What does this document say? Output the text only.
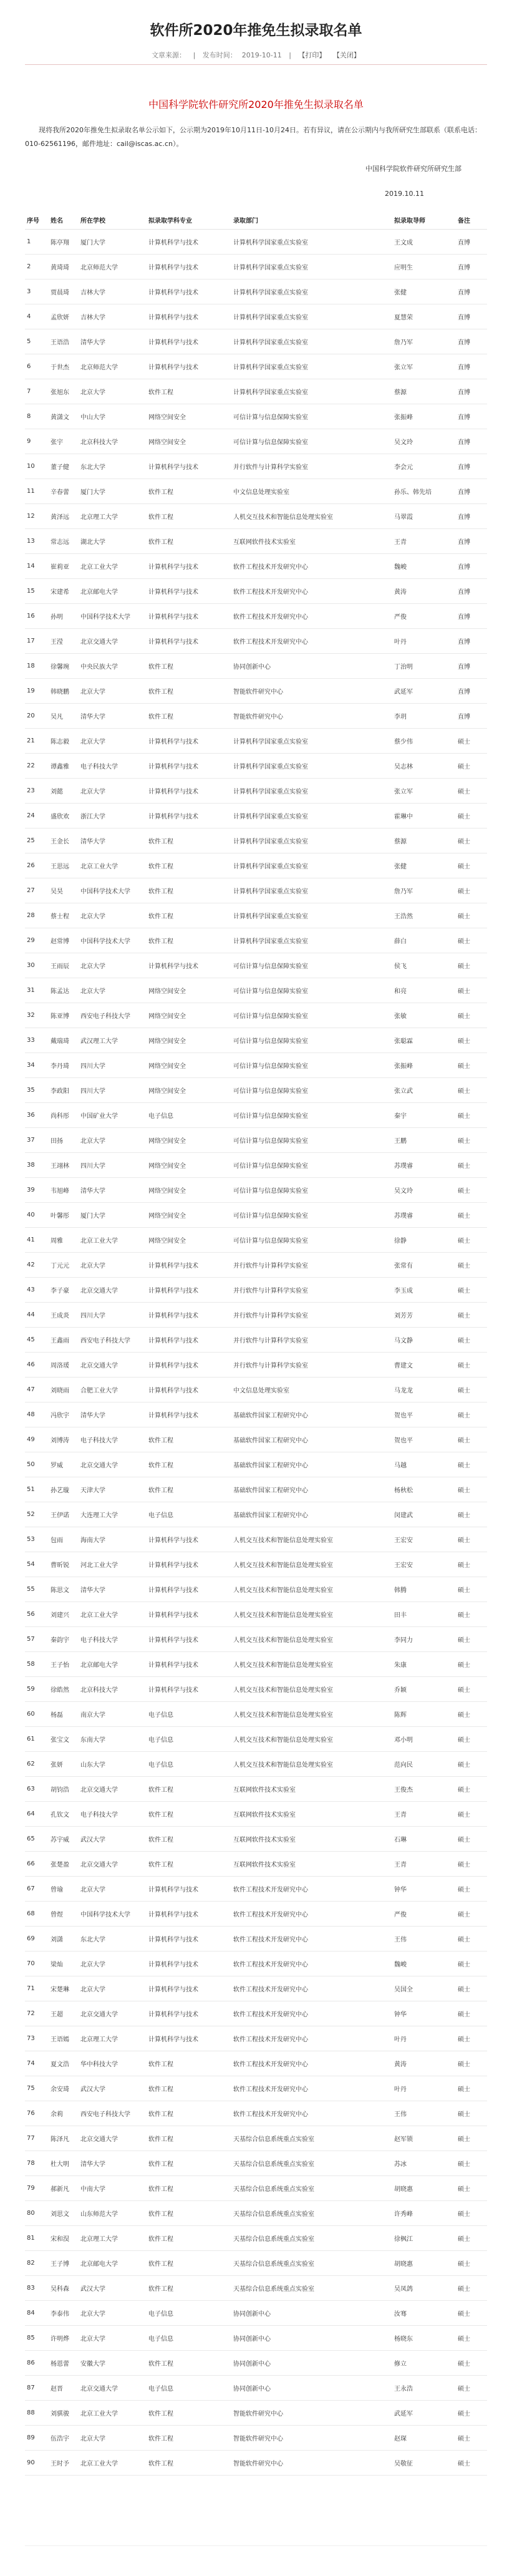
软件所2020年推免生拟录取名单
文章来源： | 发布时间： 2019-10-11 | 【打印】 【关闭】
中国科学院软件研究所2020年推免生拟录取名单

现将我所2020年推免生拟录取名单公示如下，公示期为2019年10月11日-10月24日。若有异议，请在公示期内与我所研究生部联系（联系电话：010-62561196，邮件地址：cail@iscas.ac.cn）。

中国科学院软件研究所研究生部
2019.10.11
序号	姓名	所在学校	拟录取学科专业	录取部门	拟录取导师	备注
1	陈亭翔	厦门大学	计算机科学与技术	计算机科学国家重点实验室	王文成	直博
2	黄琦琦	北京师范大学	计算机科学与技术	计算机科学国家重点实验室	应明生	直博
3	贾晨琦	吉林大学	计算机科学与技术	计算机科学国家重点实验室	张健	直博
4	孟欣妍	吉林大学	计算机科学与技术	计算机科学国家重点实验室	夏慧荣	直博
5	王语浩	清华大学	计算机科学与技术	计算机科学国家重点实验室	詹乃军	直博
6	于世杰	北京师范大学	计算机科学与技术	计算机科学国家重点实验室	张立军	直博
7	张旭东	北京大学	软件工程	计算机科学国家重点实验室	蔡源	直博
8	黄潇文	中山大学	网络空间安全	可信计算与信息保障实验室	张振峰	直博
9	张宇	北京科技大学	网络空间安全	可信计算与信息保障实验室	吴文玲	直博
10	董子健	东北大学	计算机科学与技术	并行软件与计算科学实验室	李会元	直博
11	辛春蕾	厦门大学	软件工程	中文信息处理实验室	孙乐、韩先培	直博
12	黄泽远	北京理工大学	软件工程	人机交互技术和智能信息处理实验室	马翠霞	直博
13	常志远	湖北大学	软件工程	互联网软件技术实验室	王青	直博
14	崔莉亚	北京工业大学	计算机科学与技术	软件工程技术开发研究中心	魏峻	直博
15	宋建希	北京邮电大学	计算机科学与技术	软件工程技术开发研究中心	黄涛	直博
16	孙明	中国科学技术大学	计算机科学与技术	软件工程技术开发研究中心	严俊	直博
17	王滢	北京交通大学	计算机科学与技术	软件工程技术开发研究中心	叶丹	直博
18	徐馨琬	中央民族大学	软件工程	协同创新中心	丁治明	直博
19	韩晓鹏	北京大学	软件工程	智能软件研究中心	武延军	直博
20	吴凡	清华大学	软件工程	智能软件研究中心	李玥	直博
21	陈志毅	北京大学	计算机科学与技术	计算机科学国家重点实验室	蔡少伟	硕士
22	谭鑫雅	电子科技大学	计算机科学与技术	计算机科学国家重点实验室	吴志林	硕士
23	刘懿	北京大学	计算机科学与技术	计算机科学国家重点实验室	张立军	硕士
24	盛欣欢	浙江大学	计算机科学与技术	计算机科学国家重点实验室	霍琳中	硕士
25	王金长	清华大学	软件工程	计算机科学国家重点实验室	蔡源	硕士
26	王思远	北京工业大学	软件工程	计算机科学国家重点实验室	张健	硕士
27	吴昊	中国科学技术大学	软件工程	计算机科学国家重点实验室	詹乃军	硕士
28	蔡士程	北京大学	软件工程	计算机科学国家重点实验室	王浩然	硕士
29	赵常博	中国科学技术大学	软件工程	计算机科学国家重点实验室	薛白	硕士
30	王雨辰	北京大学	计算机科学与技术	可信计算与信息保障实验室	侯飞	硕士
31	陈孟达	北京大学	网络空间安全	可信计算与信息保障实验室	和亮	硕士
32	陈亚博	西安电子科技大学	网络空间安全	可信计算与信息保障实验室	张敏	硕士
33	戴瑞琦	武汉理工大学	网络空间安全	可信计算与信息保障实验室	张聪霖	硕士
34	李丹琦	四川大学	网络空间安全	可信计算与信息保障实验室	张振峰	硕士
35	李政阳	四川大学	网络空间安全	可信计算与信息保障实验室	张立武	硕士
36	尚科彤	中国矿业大学	电子信息	可信计算与信息保障实验室	秦宇	硕士
37	田扬	北京大学	网络空间安全	可信计算与信息保障实验室	王鹏	硕士
38	王翊林	四川大学	网络空间安全	可信计算与信息保障实验室	苏璞睿	硕士
39	韦旭峰	清华大学	网络空间安全	可信计算与信息保障实验室	吴文玲	硕士
40	叶馨彤	厦门大学	网络空间安全	可信计算与信息保障实验室	苏璞睿	硕士
41	周雅	北京工业大学	网络空间安全	可信计算与信息保障实验室	徐静	硕士
42	丁元元	北京大学	计算机科学与技术	并行软件与计算科学实验室	张常有	硕士
43	李子豪	北京交通大学	计算机科学与技术	并行软件与计算科学实验室	李玉成	硕士
44	王成炎	四川大学	计算机科学与技术	并行软件与计算科学实验室	刘芳芳	硕士
45	王鑫雨	西安电子科技大学	计算机科学与技术	并行软件与计算科学实验室	马文静	硕士
46	周洛瑗	北京交通大学	计算机科学与技术	并行软件与计算科学实验室	曹建文	硕士
47	刘晓雨	合肥工业大学	计算机科学与技术	中文信息处理实验室	马龙龙	硕士
48	冯欣宇	清华大学	计算机科学与技术	基础软件国家工程研究中心	贺也平	硕士
49	刘博涛	电子科技大学	软件工程	基础软件国家工程研究中心	贺也平	硕士
50	罗威	北京交通大学	软件工程	基础软件国家工程研究中心	马越	硕士
51	孙艺璇	天津大学	软件工程	基础软件国家工程研究中心	杨秋松	硕士
52	王伊诺	大连理工大学	电子信息	基础软件国家工程研究中心	闵建武	硕士
53	包雨	海南大学	计算机科学与技术	人机交互技术和智能信息处理实验室	王宏安	硕士
54	曹昕锐	河北工业大学	计算机科学与技术	人机交互技术和智能信息处理实验室	王宏安	硕士
55	陈思文	清华大学	计算机科学与技术	人机交互技术和智能信息处理实验室	韩腾	硕士
56	刘建兴	北京工业大学	计算机科学与技术	人机交互技术和智能信息处理实验室	田丰	硕士
57	秦韵宇	电子科技大学	计算机科学与技术	人机交互技术和智能信息处理实验室	李同力	硕士
58	王子怡	北京邮电大学	计算机科学与技术	人机交互技术和智能信息处理实验室	朱康	硕士
59	徐皓然	北京科技大学	计算机科学与技术	人机交互技术和智能信息处理实验室	乔颖	硕士
60	杨磊	南京大学	电子信息	人机交互技术和智能信息处理实验室	陈辉	硕士
61	张宝文	东南大学	电子信息	人机交互技术和智能信息处理实验室	邓小明	硕士
62	张妍	山东大学	电子信息	人机交互技术和智能信息处理实验室	范向民	硕士
63	胡钧浩	北京交通大学	软件工程	互联网软件技术实验室	王俊杰	硕士
64	孔钦文	电子科技大学	软件工程	互联网软件技术实验室	王青	硕士
65	苏宇威	武汉大学	软件工程	互联网软件技术实验室	石琳	硕士
66	张楚盈	北京交通大学	软件工程	互联网软件技术实验室	王青	硕士
67	曾瑜	北京大学	计算机科学与技术	软件工程技术开发研究中心	钟华	硕士
68	曾煜	中国科学技术大学	计算机科学与技术	软件工程技术开发研究中心	严俊	硕士
69	刘潇	东北大学	计算机科学与技术	软件工程技术开发研究中心	王伟	硕士
70	梁灿	北京大学	计算机科学与技术	软件工程技术开发研究中心	魏峻	硕士
71	宋楚琳	北京大学	计算机科学与技术	软件工程技术开发研究中心	吴国全	硕士
72	王超	北京交通大学	计算机科学与技术	软件工程技术开发研究中心	钟华	硕士
73	王语嫣	北京理工大学	计算机科学与技术	软件工程技术开发研究中心	叶丹	硕士
74	夏文浩	华中科技大学	软件工程	软件工程技术开发研究中心	黄涛	硕士
75	余安琦	武汉大学	软件工程	软件工程技术开发研究中心	叶丹	硕士
76	余莉	西安电子科技大学	软件工程	软件工程技术开发研究中心	王伟	硕士
77	陈泽凡	北京交通大学	软件工程	天基综合信息系统重点实验室	赵军锁	硕士
78	杜大明	清华大学	软件工程	天基综合信息系统重点实验室	苏冰	硕士
79	郝新凡	中南大学	软件工程	天基综合信息系统重点实验室	胡晓惠	硕士
80	刘思文	山东师范大学	软件工程	天基综合信息系统重点实验室	许秀峰	硕士
81	宋和淏	北京理工大学	软件工程	天基综合信息系统重点实验室	徐枫江	硕士
82	王子博	北京邮电大学	软件工程	天基综合信息系统重点实验室	胡晓惠	硕士
83	吴科森	武汉大学	软件工程	天基综合信息系统重点实验室	吴凤鸽	硕士
84	李泰伟	北京大学	电子信息	协同创新中心	汝骞	硕士
85	许明烨	北京大学	电子信息	协同创新中心	杨晓东	硕士
86	杨恩蕾	安徽大学	软件工程	协同创新中心	修立	硕士
87	赵晋	北京交通大学	电子信息	协同创新中心	王永浩	硕士
88	刘骐骏	北京工业大学	软件工程	智能软件研究中心	武延军	硕士
89	伍浩宇	北京大学	软件工程	智能软件研究中心	赵琛	硕士
90	王时予	北京工业大学	软件工程	智能软件研究中心	吴敬征	硕士
